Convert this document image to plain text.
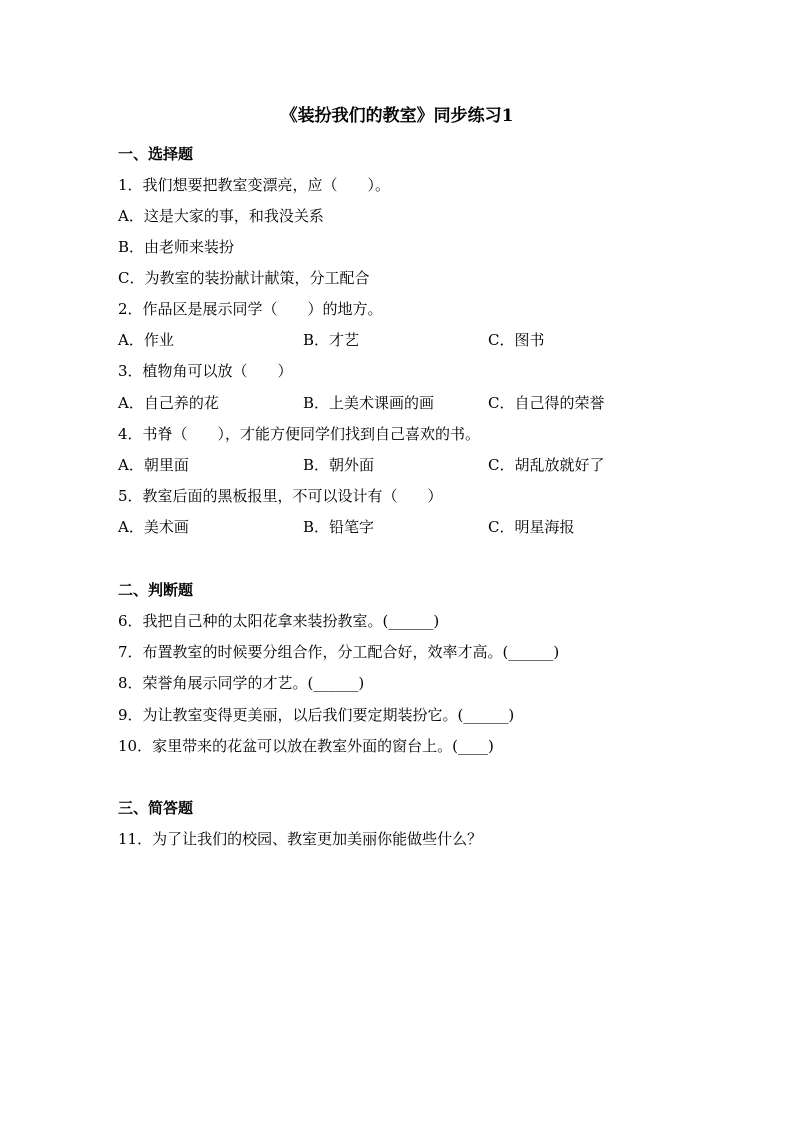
《装扮我们的教室》同步练习1
一、选择题
1．我们想要把教室变漂亮，应（　　）。
A．这是大家的事，和我没关系
B．由老师来装扮
C．为教室的装扮献计献策，分工配合
2．作品区是展示同学（　　）的地方。
A．作业	B．才艺	C．图书
3．植物角可以放（　　）
A．自己养的花	B．上美术课画的画	C．自己得的荣誉
4．书脊（　　），才能方便同学们找到自己喜欢的书。
A．朝里面	B．朝外面	C．胡乱放就好了
5．教室后面的黑板报里，不可以设计有（　　）
A．美术画	B．铅笔字	C．明星海报
二、判断题
6．我把自己种的太阳花拿来装扮教室。(______)
7．布置教室的时候要分组合作，分工配合好，效率才高。(______)
8．荣誉角展示同学的才艺。(______)
9．为让教室变得更美丽，以后我们要定期装扮它。(______)
10．家里带来的花盆可以放在教室外面的窗台上。(____)
三、简答题
11．为了让我们的校园、教室更加美丽你能做些什么？
